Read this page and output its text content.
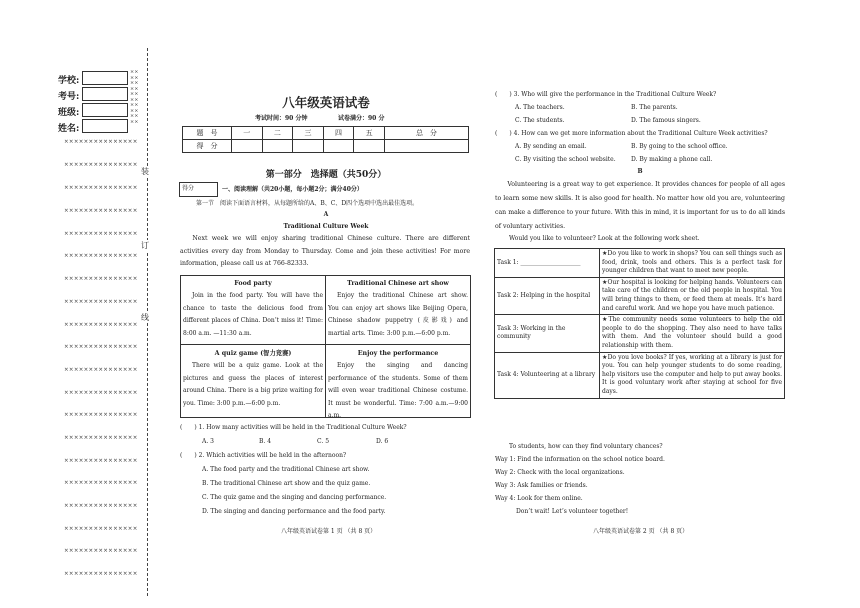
学校:
考号:
班级:
姓名:
××
××
××
××
××
××
××
××
××
××
×××××××××××××××
×××××××××××××××
×××××××××××××××
×××××××××××××××
×××××××××××××××
×××××××××××××××
×××××××××××××××
×××××××××××××××
×××××××××××××××
×××××××××××××××
×××××××××××××××
×××××××××××××××
×××××××××××××××
×××××××××××××××
×××××××××××××××
×××××××××××××××
×××××××××××××××
×××××××××××××××
×××××××××××××××
×××××××××××××××
装
订
线
八年级英语试卷
考试时间：90 分钟	试卷满分：90 分
题　号	一	二	三	四	五	总　分
得　分						
第一部分　选择题（共50分）
得分	一、阅读理解（共20小题，每小题2分；满分40分）
第一节　阅读下面语言材料，从每题所给的A、B、C、D四个选项中选出最佳选项。
A
Traditional Culture Week
Next week we will enjoy sharing traditional Chinese culture. There are different activities every day from Monday to Thursday. Come and join these activities! For more information, please call us at 766-82333.
Food party
Join in the food party. You will have the chance to taste the delicious food from different places of China. Don’t miss it! Time: 8:00 a.m. —11:30 a.m.
Traditional Chinese art show
Enjoy the traditional Chinese art show. You can enjoy art shows like Beijing Opera, Chinese shadow puppetry (皮影戏) and martial arts. Time: 3:00 p.m.—6:00 p.m.
A quiz game (智力竞赛)
There will be a quiz game. Look at the pictures and guess the places of interest around China. There is a big prize waiting for you. Time: 3:00 p.m.—6:00 p.m.
Enjoy the performance
Enjoy the singing and dancing performance of the students. Some of them will even wear traditional Chinese costume. It must be wonderful. Time: 7:00 a.m.—9:00 a.m.
(　　) 1. How many activities will be held in the Traditional Culture Week?
A. 3	B. 4	C. 5	D. 6
(　　) 2. Which activities will be held in the afternoon?
A. The food party and the traditional Chinese art show.
B. The traditional Chinese art show and the quiz game.
C. The quiz game and the singing and dancing performance.
D. The singing and dancing performance and the food party.
八年级英语试卷第 1 页 （共 8 页）
(　　) 3. Who will give the performance in the Traditional Culture Week?
A. The teachers.	B. The parents.
C. The students.	D. The famous singers.
(　　) 4. How can we get more information about the Traditional Culture Week activities?
A. By sending an email.	B. By going to the school office.
C. By visiting the school website.	D. By making a phone call.
B
Volunteering is a great way to get experience. It provides chances for people of all ages to learn some new skills. It is also good for health. No matter how old you are, volunteering can make a difference to your future. With this in mind, it is important for us to do all kinds of voluntary activities.
Would you like to volunteer? Look at the following work sheet.
Task 1: ____________________	★Do you like to work in shops? You can sell things such as food, drink, tools and others. This is a perfect task for younger children that want to meet new people.
Task 2: Helping in the hospital	★Our hospital is looking for helping hands. Volunteers can take care of the children or the old people in hospital. You will bring things to them, or feed them at meals. It’s hard and careful work. And we hope you have much patience.
Task 3: Working in the community	★The community needs some volunteers to help the old people to do the shopping. They also need to have talks with them. And the volunteer should build a good relationship with them.
Task 4: Volunteering at a library	★Do you love books? If yes, working at a library is just for you. You can help younger students to do some reading, help visitors use the computer and help to put away books. It is good voluntary work after staying at school for five days.
To students, how can they find voluntary chances?
Way 1: Find the information on the school notice board.
Way 2: Check with the local organizations.
Way 3: Ask families or friends.
Way 4: Look for them online.
Don’t wait! Let’s volunteer together!
八年级英语试卷第 2 页 （共 8 页）
